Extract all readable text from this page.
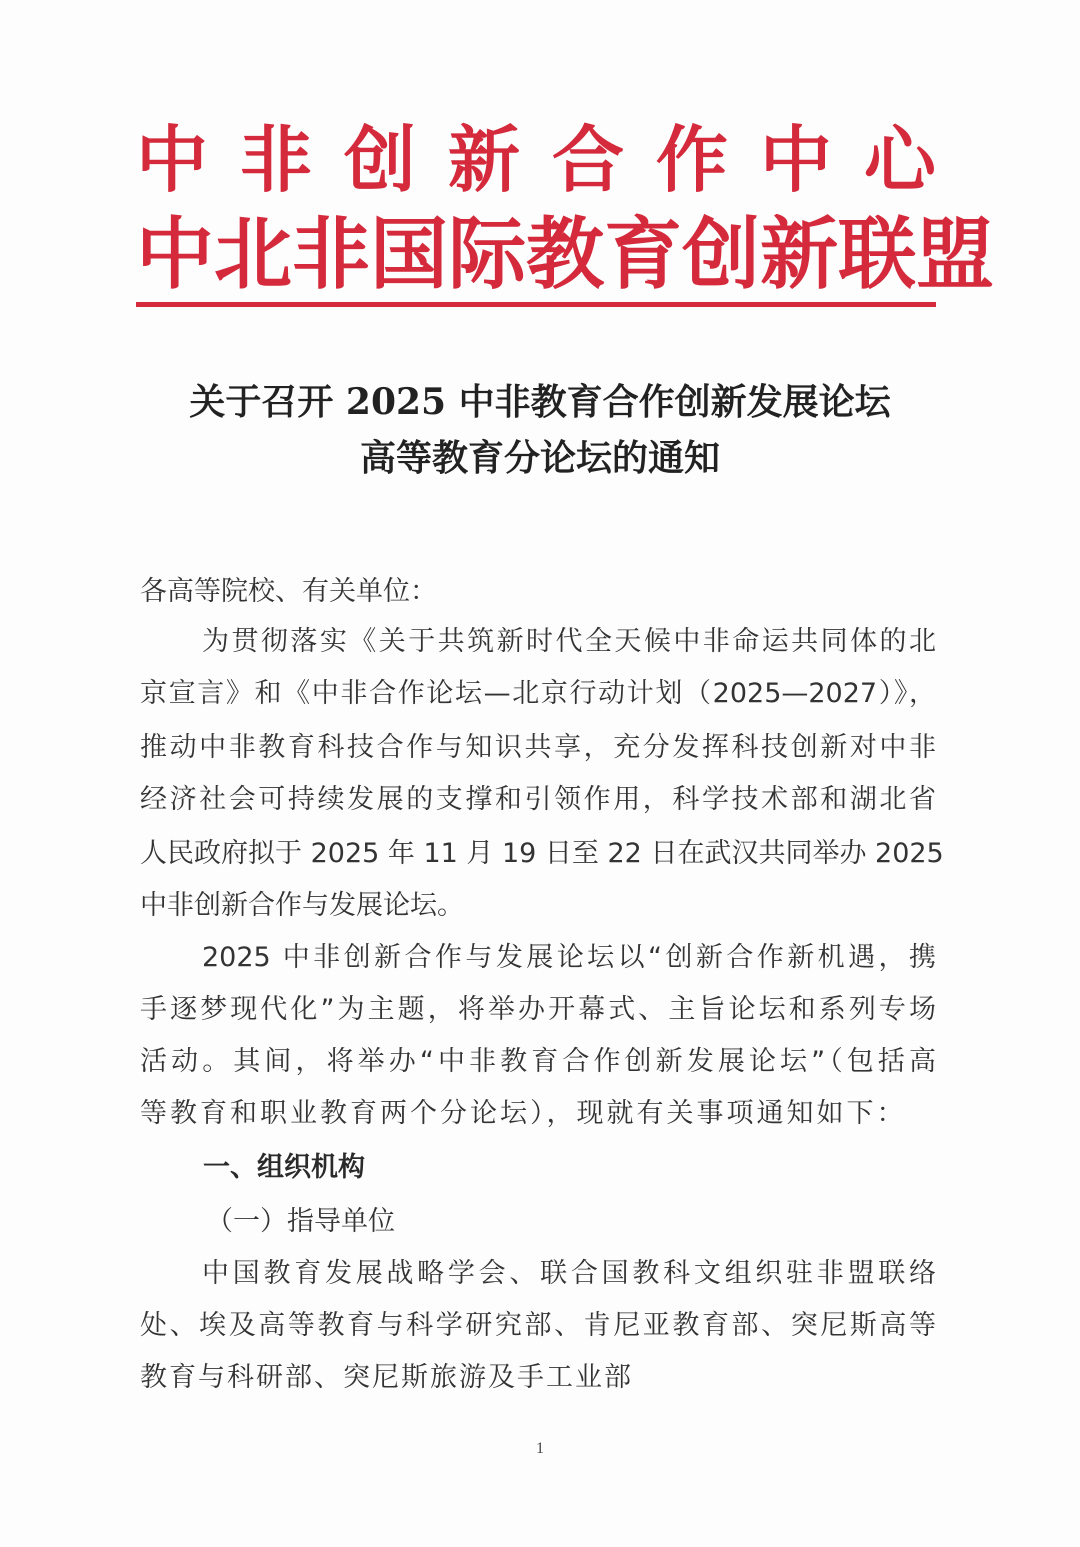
中 非 创 新 合 作 中 心
中 北 非 国 际 教 育 创 新 联 盟
关于召开 2025 中非教育合作创新发展论坛
高等教育分论坛的通知
各高等院校、有关单位：
为贯彻落实《关于共筑新时代全天候中非命运共同体的北
京宣言》和《中非合作论坛—北京行动计划（2025—2027）》，
推动中非教育科技合作与知识共享，充分发挥科技创新对中非
经济社会可持续发展的支撑和引领作用，科学技术部和湖北省
人民政府拟于 2025 年 11 月 19 日至 22 日在武汉共同举办 2025
中非创新合作与发展论坛。
2025 中非创新合作与发展论坛以“创新合作新机遇，携
手逐梦现代化”为主题，将举办开幕式、主旨论坛和系列专场
活动。其间，将举办“中非教育合作创新发展论坛”（包括高
等教育和职业教育两个分论坛），现就有关事项通知如下：
一、组织机构
（一）指导单位
中国教育发展战略学会、联合国教科文组织驻非盟联络
处、埃及高等教育与科学研究部、肯尼亚教育部、突尼斯高等
教育与科研部、突尼斯旅游及手工业部
1
